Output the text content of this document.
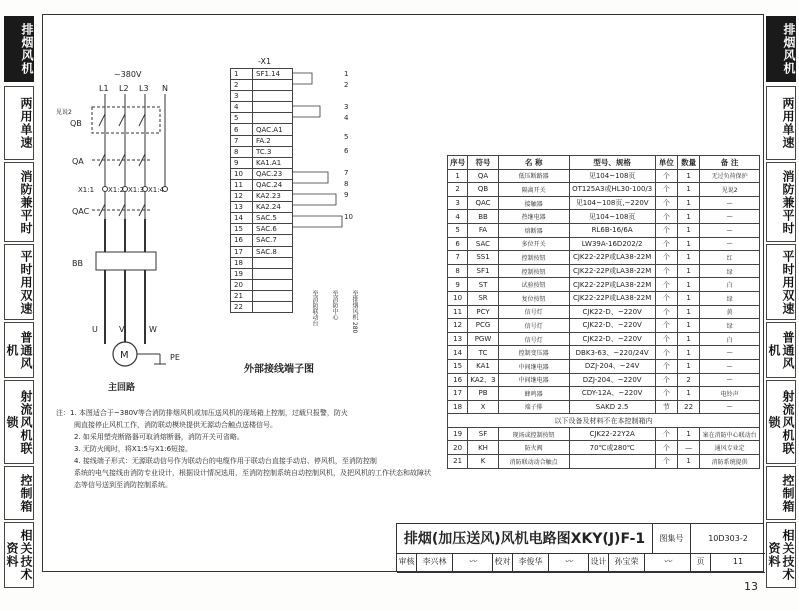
排烟风机
两用单速
消防兼平时
平时用双速
普通风机
射流风机联锁
控制箱
相关技术资料
排烟风机
两用单速
消防兼平时
平时用双速
普通风机
射流风机联锁
控制箱
相关技术资料
~380V
L1 L2 L3 N
见说2
QB
QA
QAC
BB
PE
X1:1 X1:2 X1:3 X1:4
U	V	W
M
主回路
-X1
1	SF1.14
2	
3	
4	
5	
6	QAC.A1
7	FA.2
8	TC.3
9	KA1.A1
10	QAC.23
11	QAC.24
12	KA2.23
13	KA2.24
14	SAC.5
15	SAC.6
16	SAC.7
17	SAC.8
18	
19	
20	
21	
22	
1
2
3
4
5
6
7
8
9
10
至消防联动台 至消防中心 至排烟风机 280
外部接线端子图
注：1. 本图适合于~380V等合消防排烟风机或加压送风机的现场箱上控制，过载只报警，防火
阀直接停止风机工作，消防联动模块提供无源动合触点送楼信号。
2. 如采用塑壳断路器可取消熔断器，消防开关可省略。
3. 无防火阀时，将X1:5与X1:6短接。
4. 接线端子形式：无源联动信号作为联动台的电缆作用于联动台直接手动启、停风机，至消防控制
系统的电气接线由消防专业设计，根据设计情况选用，至消防控制系统自动控制风机，及把风机的工作状态和故障状
态等信号送到至消防控制系统。
序号	符号	名 称	型号、规格	单位	数量	备 注
1	QA	低压断路器	见104~108页	个	1	无过负荷保护
2	QB	隔离开关	OT125A3或HL30-100/3	个	1	见说2
3	QAC	接触器	见104~108页,~220V	个	1	—
4	BB	热继电器	见104~108页	个	1	—
5	FA	熔断器	RL6B-16/6A	个	1	—
6	SAC	多位开关	LW39A-16D202/2	个	1	—
7	SS1	控制按钮	CJK22-22P或LA38-22M	个	1	红
8	SF1	控制按钮	CJK22-22P或LA38-22M	个	1	绿
9	ST	试验按钮	CJK22-22P或LA38-22M	个	1	白
10	SR	复位按钮	CJK22-22P或LA38-22M	个	1	绿
11	PCY	信号灯	CJK22-D、~220V	个	1	黄
12	PCG	信号灯	CJK22-D、~220V	个	1	绿
13	PGW	信号灯	CJK22-D、~220V	个	1	白
14	TC	控制变压器	DBK3-63、~220/24V	个	1	—
15	KA1	中间继电器	DZJ-204、~24V	个	1	—
16	KA2、3	中间继电器	DZJ-204、~220V	个	2	—
17	PB	蜂鸣器	CDY-12A、~220V	个	1	电铃声
18	X	端子排	SAKD 2.5	节	22	—
以下设备及材料不在本控制箱内						
19	SF	现场或控制按钮	CJK22-22Y2A	个	1	案在消防中心联动台
20	KH	防火阀	70℃或280℃	个	—	通风专业定
21	K	消防联动动合触点		个	1	消防系统提供
排烟(加压送风)风机电路图XKY(J)F-1	图集号	10D303-2
审核	李兴林	〰	校对	李俊华	〰	设计	孙宝荣	〰	页	11
13
